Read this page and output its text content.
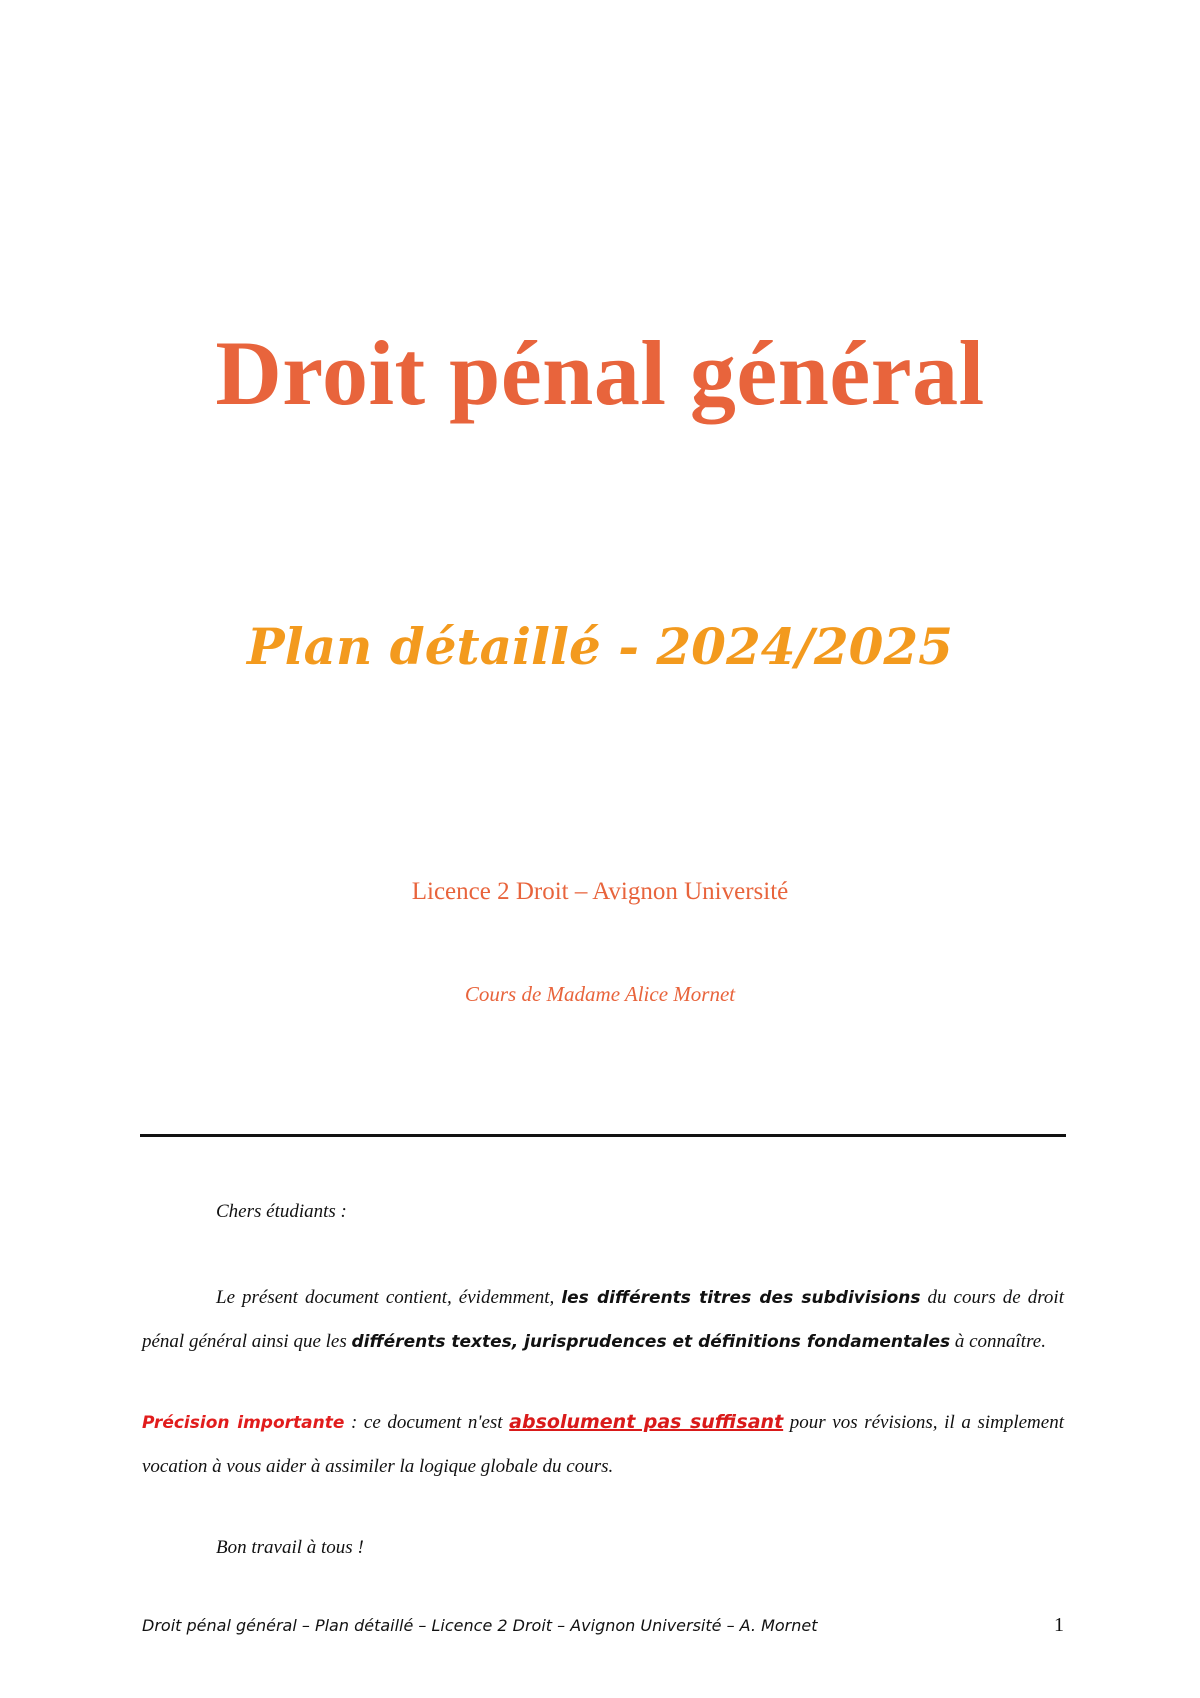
Droit pénal général
Plan détaillé - 2024/2025
Licence 2 Droit – Avignon Université
Cours de Madame Alice Mornet
Chers étudiants :
Le présent document contient, évidemment, les différents titres des subdivisions du cours de droit pénal général ainsi que les différents textes, jurisprudences et définitions fondamentales à connaître.
Précision importante : ce document n'est absolument pas suffisant pour vos révisions, il a simplement vocation à vous aider à assimiler la logique globale du cours.
Bon travail à tous !
Droit pénal général – Plan détaillé – Licence 2 Droit – Avignon Université – A. Mornet	1
